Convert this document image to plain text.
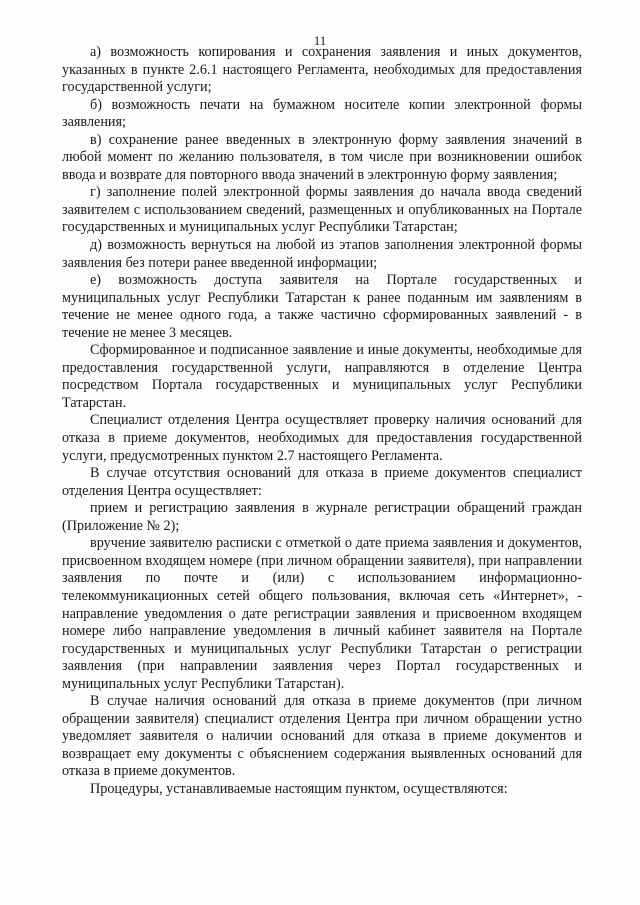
11

а) возможность копирования и сохранения заявления и иных документов, указанных в пункте 2.6.1 настоящего Регламента, необходимых для предоставления государственной услуги;

б) возможность печати на бумажном носителе копии электронной формы заявления;

в) сохранение ранее введенных в электронную форму заявления значений в любой момент по желанию пользователя, в том числе при возникновении ошибок ввода и возврате для повторного ввода значений в электронную форму заявления;

г) заполнение полей электронной формы заявления до начала ввода сведений заявителем с использованием сведений, размещенных и опубликованных на Портале государственных и муниципальных услуг Республики Татарстан;

д) возможность вернуться на любой из этапов заполнения электронной формы заявления без потери ранее введенной информации;

е) возможность доступа заявителя на Портале государственных и муниципальных услуг Республики Татарстан к ранее поданным им заявлениям в течение не менее одного года, а также частично сформированных заявлений - в течение не менее 3 месяцев.

Сформированное и подписанное заявление и иные документы, необходимые для предоставления государственной услуги, направляются в отделение Центра посредством Портала государственных и муниципальных услуг Республики Татарстан.

Специалист отделения Центра осуществляет проверку наличия оснований для отказа в приеме документов, необходимых для предоставления государственной услуги, предусмотренных пунктом 2.7 настоящего Регламента.

В случае отсутствия оснований для отказа в приеме документов специалист отделения Центра осуществляет:

прием и регистрацию заявления в журнале регистрации обращений граждан (Приложение № 2);

вручение заявителю расписки с отметкой о дате приема заявления и документов, присвоенном входящем номере (при личном обращении заявителя), при направлении заявления по почте и (или) с использованием информационно-телекоммуникационных сетей общего пользования, включая сеть «Интернет», - направление уведомления о дате регистрации заявления и присвоенном входящем номере либо направление уведомления в личный кабинет заявителя на Портале государственных и муниципальных услуг Республики Татарстан о регистрации заявления (при направлении заявления через Портал государственных и муниципальных услуг Республики Татарстан).

В случае наличия оснований для отказа в приеме документов (при личном обращении заявителя) специалист отделения Центра при личном обращении устно уведомляет заявителя о наличии оснований для отказа в приеме документов и возвращает ему документы с объяснением содержания выявленных оснований для отказа в приеме документов.

Процедуры, устанавливаемые настоящим пунктом, осуществляются:
